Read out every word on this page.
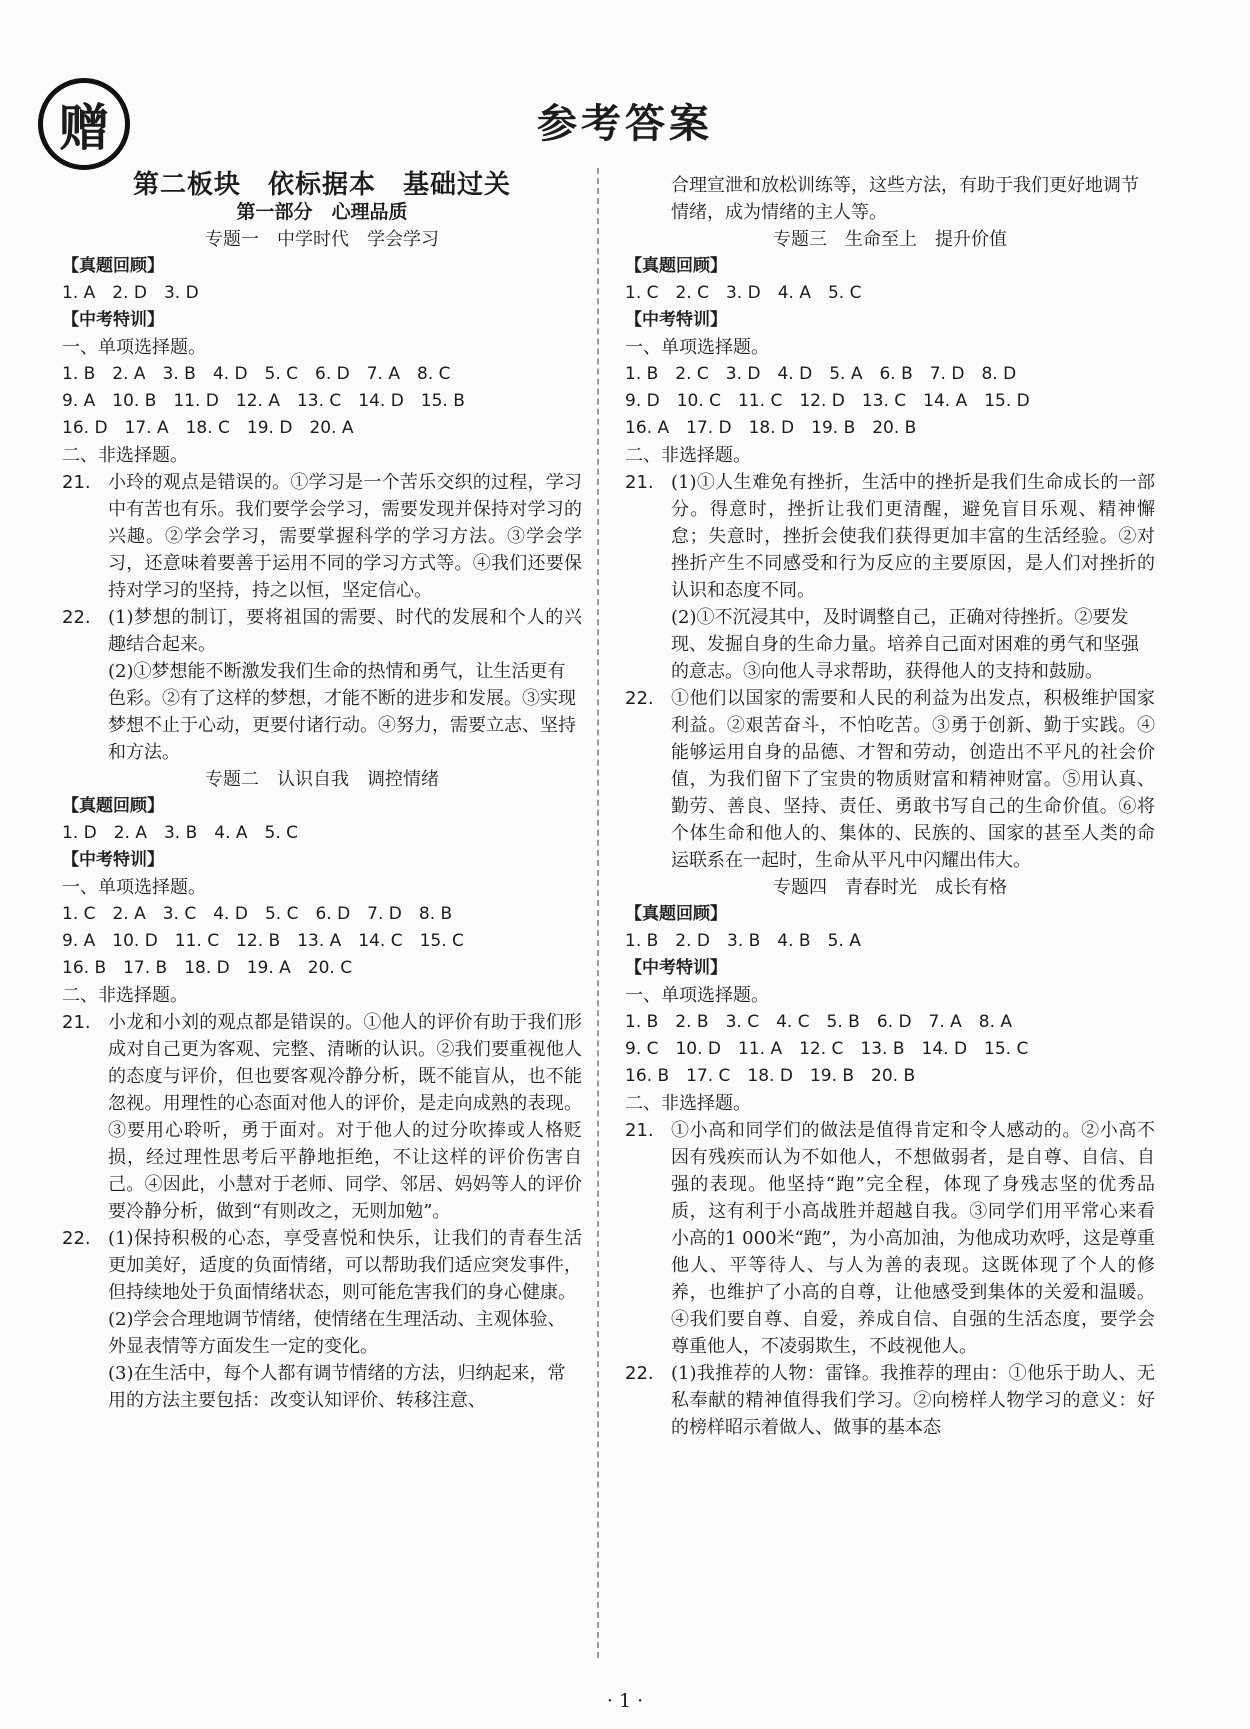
赠	参考答案

第二板块　依标据本　基础过关

第一部分　心理品质

专题一　中学时代　学会学习

【真题回顾】

1. A　2. D　3. D

【中考特训】

一、单项选择题。

1. B　2. A　3. B　4. D　5. C　6. D　7. A　8. C

9. A　10. B　11. D　12. A　13. C　14. D　15. B

16. D　17. A　18. C　19. D　20. A

二、非选择题。

21. 小玲的观点是错误的。①学习是一个苦乐交织的过程，学习中有苦也有乐。我们要学会学习，需要发现并保持对学习的兴趣。②学会学习，需要掌握科学的学习方法。③学会学习，还意味着要善于运用不同的学习方式等。④我们还要保持对学习的坚持，持之以恒，坚定信心。
22. (1)梦想的制订，要将祖国的需要、时代的发展和个人的兴趣结合起来。

(2)①梦想能不断激发我们生命的热情和勇气，让生活更有色彩。②有了这样的梦想，才能不断的进步和发展。③实现梦想不止于心动，更要付诸行动。④努力，需要立志、坚持和方法。

专题二　认识自我　调控情绪

【真题回顾】

1. D　2. A　3. B　4. A　5. C

【中考特训】

一、单项选择题。

1. C　2. A　3. C　4. D　5. C　6. D　7. D　8. B

9. A　10. D　11. C　12. B　13. A　14. C　15. C

16. B　17. B　18. D　19. A　20. C

二、非选择题。

21. 小龙和小刘的观点都是错误的。①他人的评价有助于我们形成对自己更为客观、完整、清晰的认识。②我们要重视他人的态度与评价，但也要客观冷静分析，既不能盲从，也不能忽视。用理性的心态面对他人的评价，是走向成熟的表现。③要用心聆听，勇于面对。对于他人的过分吹捧或人格贬损，经过理性思考后平静地拒绝，不让这样的评价伤害自己。④因此，小慧对于老师、同学、邻居、妈妈等人的评价要冷静分析，做到“有则改之，无则加勉”。
22. (1)保持积极的心态，享受喜悦和快乐，让我们的青春生活更加美好，适度的负面情绪，可以帮助我们适应突发事件，但持续地处于负面情绪状态，则可能危害我们的身心健康。

(2)学会合理地调节情绪，使情绪在生理活动、主观体验、外显表情等方面发生一定的变化。

(3)在生活中，每个人都有调节情绪的方法，归纳起来，常用的方法主要包括：改变认知评价、转移注意、

合理宣泄和放松训练等，这些方法，有助于我们更好地调节情绪，成为情绪的主人等。

专题三　生命至上　提升价值

【真题回顾】

1. C　2. C　3. D　4. A　5. C

【中考特训】

一、单项选择题。

1. B　2. C　3. D　4. D　5. A　6. B　7. D　8. D

9. D　10. C　11. C　12. D　13. C　14. A　15. D

16. A　17. D　18. D　19. B　20. B

二、非选择题。

21. (1)①人生难免有挫折，生活中的挫折是我们生命成长的一部分。得意时，挫折让我们更清醒，避免盲目乐观、精神懈怠；失意时，挫折会使我们获得更加丰富的生活经验。②对挫折产生不同感受和行为反应的主要原因，是人们对挫折的认识和态度不同。

(2)①不沉浸其中，及时调整自己，正确对待挫折。②要发现、发掘自身的生命力量。培养自己面对困难的勇气和坚强的意志。③向他人寻求帮助，获得他人的支持和鼓励。

22. ①他们以国家的需要和人民的利益为出发点，积极维护国家利益。②艰苦奋斗，不怕吃苦。③勇于创新、勤于实践。④能够运用自身的品德、才智和劳动，创造出不平凡的社会价值，为我们留下了宝贵的物质财富和精神财富。⑤用认真、勤劳、善良、坚持、责任、勇敢书写自己的生命价值。⑥将个体生命和他人的、集体的、民族的、国家的甚至人类的命运联系在一起时，生命从平凡中闪耀出伟大。

专题四　青春时光　成长有格

【真题回顾】

1. B　2. D　3. B　4. B　5. A

【中考特训】

一、单项选择题。

1. B　2. B　3. C　4. C　5. B　6. D　7. A　8. A

9. C　10. D　11. A　12. C　13. B　14. D　15. C

16. B　17. C　18. D　19. B　20. B

二、非选择题。

21. ①小高和同学们的做法是值得肯定和令人感动的。②小高不因有残疾而认为不如他人，不想做弱者，是自尊、自信、自强的表现。他坚持“跑”完全程，体现了身残志坚的优秀品质，这有利于小高战胜并超越自我。③同学们用平常心来看小高的1 000米“跑”，为小高加油，为他成功欢呼，这是尊重他人、平等待人、与人为善的表现。这既体现了个人的修养，也维护了小高的自尊，让他感受到集体的关爱和温暖。④我们要自尊、自爱，养成自信、自强的生活态度，要学会尊重他人，不凌弱欺生，不歧视他人。
22. (1)我推荐的人物：雷锋。我推荐的理由：①他乐于助人、无私奉献的精神值得我们学习。②向榜样人物学习的意义：好的榜样昭示着做人、做事的基本态
· 1 ·
